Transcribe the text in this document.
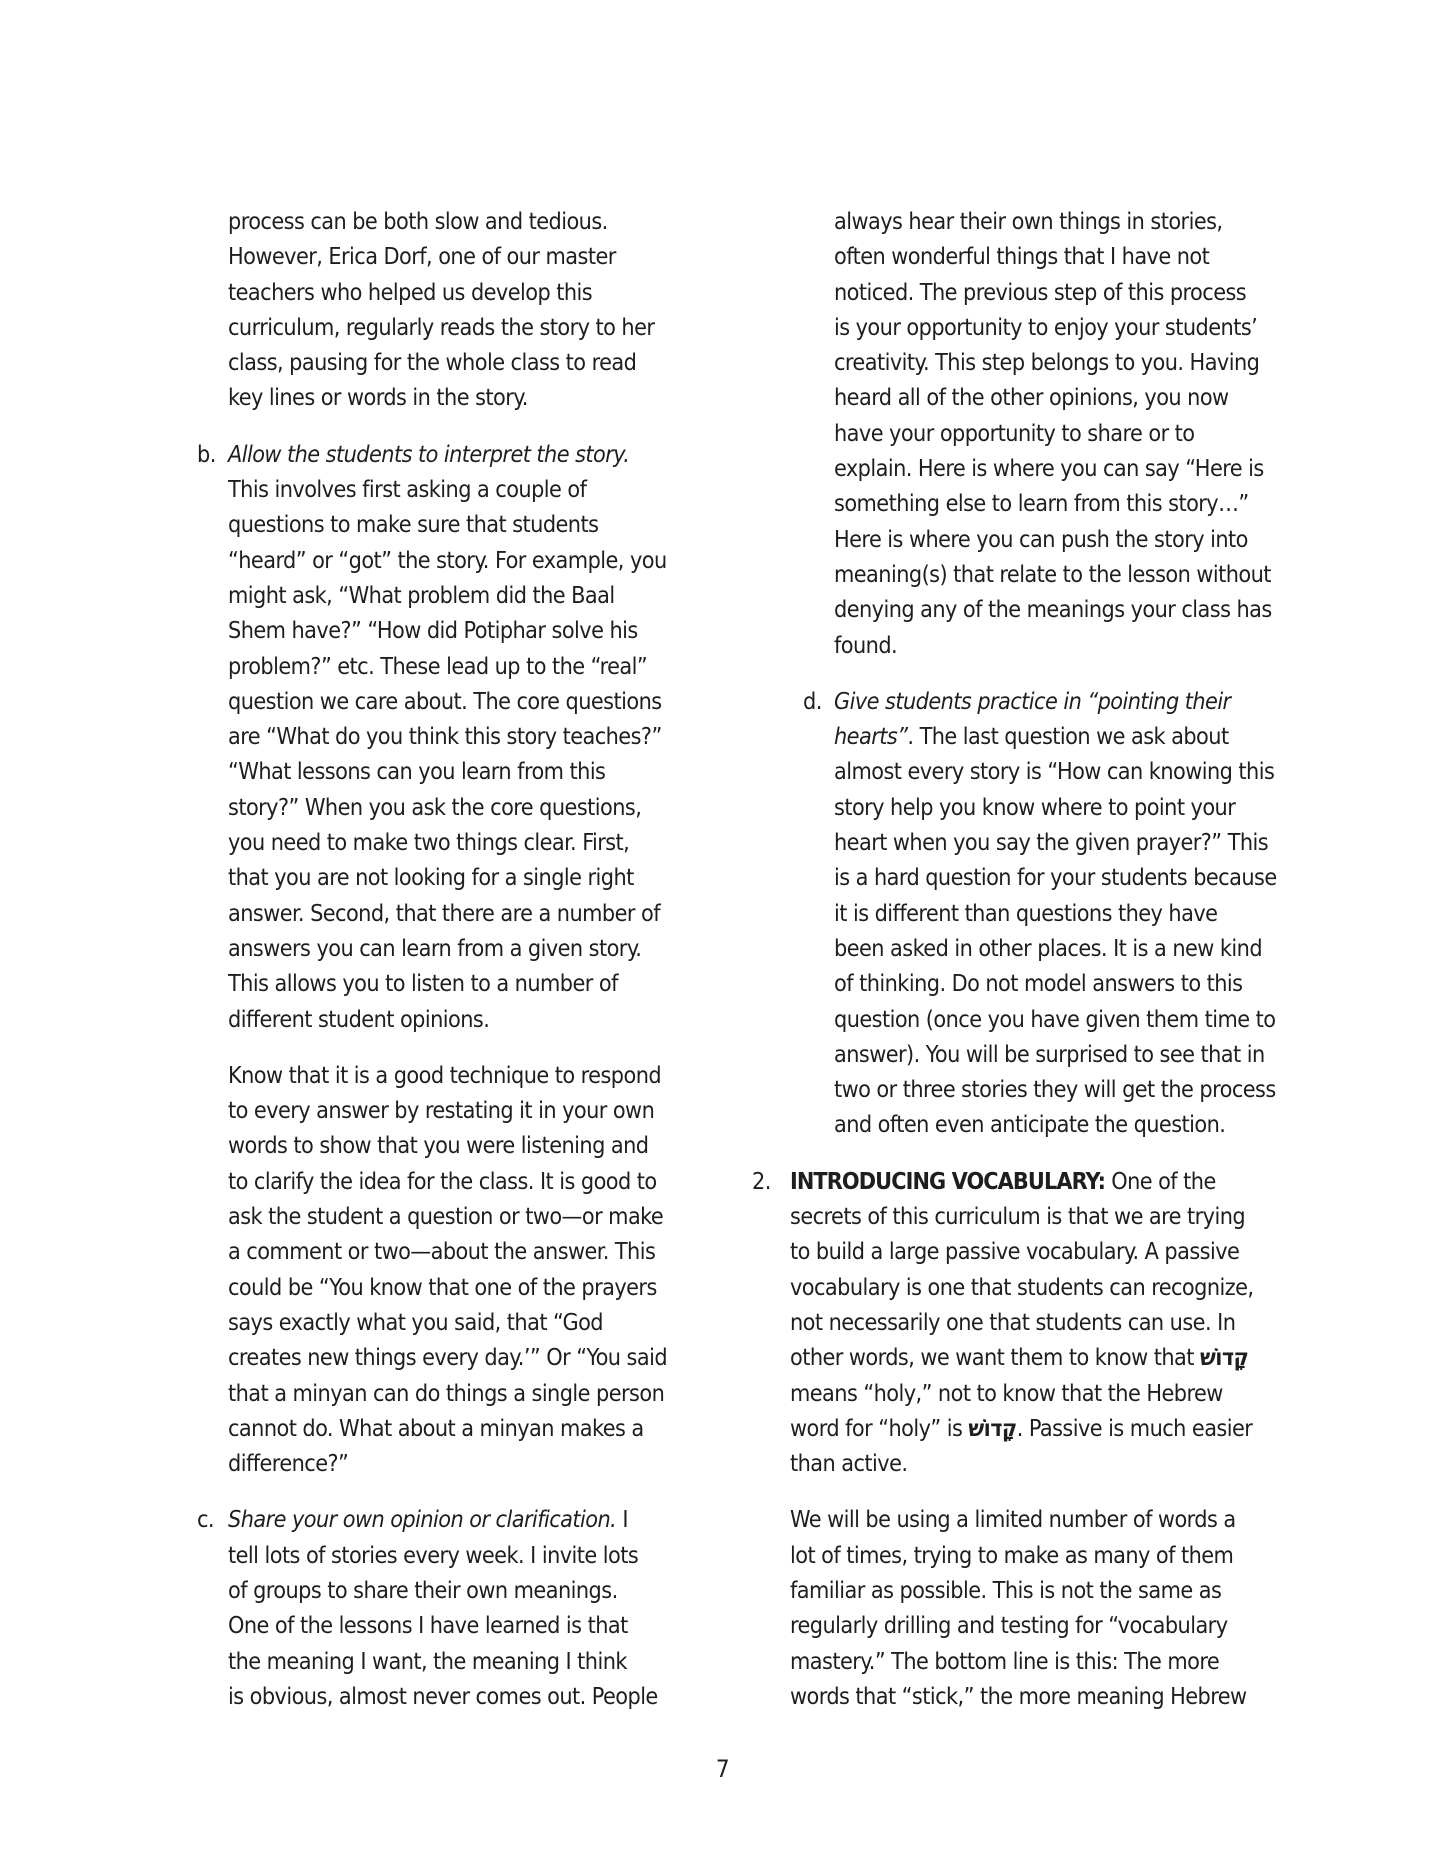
process can be both slow and tedious.
However, Erica Dorf, one of our master
teachers who helped us develop this
curriculum, regularly reads the story to her
class, pausing for the whole class to read
key lines or words in the story.
b. Allow the students to interpret the story.
This involves first asking a couple of
questions to make sure that students
“heard” or “got” the story. For example, you
might ask, “What problem did the Baal
Shem have?” “How did Potiphar solve his
problem?” etc. These lead up to the “real”
question we care about. The core questions
are “What do you think this story teaches?”
“What lessons can you learn from this
story?” When you ask the core questions,
you need to make two things clear. First,
that you are not looking for a single right
answer. Second, that there are a number of
answers you can learn from a given story.
This allows you to listen to a number of
different student opinions.
Know that it is a good technique to respond
to every answer by restating it in your own
words to show that you were listening and
to clarify the idea for the class. It is good to
ask the student a question or two—or make
a comment or two—about the answer. This
could be “You know that one of the prayers
says exactly what you said, that “God
creates new things every day.’” Or “You said
that a minyan can do things a single person
cannot do. What about a minyan makes a
difference?”
c. Share your own opinion or clarification. I
tell lots of stories every week. I invite lots
of groups to share their own meanings.
One of the lessons I have learned is that
the meaning I want, the meaning I think
is obvious, almost never comes out. People
always hear their own things in stories,
often wonderful things that I have not
noticed. The previous step of this process
is your opportunity to enjoy your students’
creativity. This step belongs to you. Having
heard all of the other opinions, you now
have your opportunity to share or to
explain. Here is where you can say “Here is
something else to learn from this story…”
Here is where you can push the story into
meaning(s) that relate to the lesson without
denying any of the meanings your class has
found.
d. Give students practice in “pointing their
hearts”. The last question we ask about
almost every story is “How can knowing this
story help you know where to point your
heart when you say the given prayer?” This
is a hard question for your students because
it is different than questions they have
been asked in other places. It is a new kind
of thinking. Do not model answers to this
question (once you have given them time to
answer). You will be surprised to see that in
two or three stories they will get the process
and often even anticipate the question.
2. INTRODUCING VOCABULARY: One of the
secrets of this curriculum is that we are trying
to build a large passive vocabulary. A passive
vocabulary is one that students can recognize,
not necessarily one that students can use. In
other words, we want them to know that קָדוֹשׁ
means “holy,” not to know that the Hebrew
word for “holy” is קָדוֹשׁ. Passive is much easier
than active.
We will be using a limited number of words a
lot of times, trying to make as many of them
familiar as possible. This is not the same as
regularly drilling and testing for “vocabulary
mastery.” The bottom line is this: The more
words that “stick,” the more meaning Hebrew
7
